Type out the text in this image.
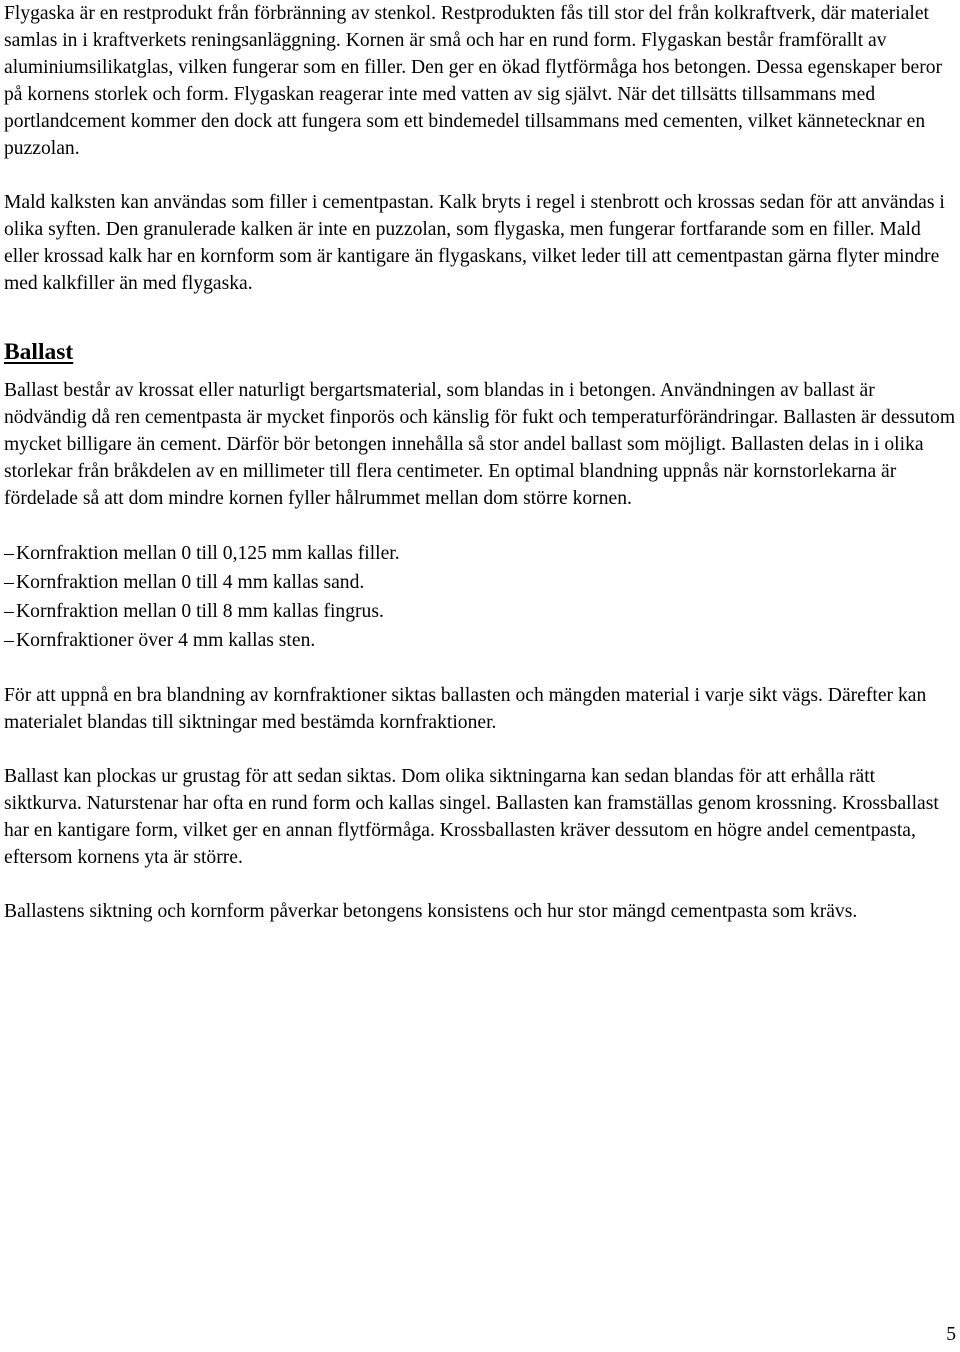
Flygaska är en restprodukt från förbränning av stenkol. Restprodukten fås till stor del från kolkraftverk, där materialet samlas in i kraftverkets reningsanläggning. Kornen är små och har en rund form. Flygaskan består framförallt av aluminiumsilikatglas, vilken fungerar som en filler. Den ger en ökad flytförmåga hos betongen. Dessa egenskaper beror på kornens storlek och form. Flygaskan reagerar inte med vatten av sig självt. När det tillsätts tillsammans med portlandcement kommer den dock att fungera som ett bindemedel tillsammans med cementen, vilket kännetecknar en puzzolan.

Mald kalksten kan användas som filler i cementpastan. Kalk bryts i regel i stenbrott och krossas sedan för att användas i olika syften. Den granulerade kalken är inte en puzzolan, som flygaska, men fungerar fortfarande som en filler. Mald eller krossad kalk har en kornform som är kantigare än flygaskans, vilket leder till att cementpastan gärna flyter mindre med kalkfiller än med flygaska.

Ballast

Ballast består av krossat eller naturligt bergartsmaterial, som blandas in i betongen. Användningen av ballast är nödvändig då ren cementpasta är mycket finporös och känslig för fukt och temperaturförändringar. Ballasten är dessutom mycket billigare än cement. Därför bör betongen innehålla så stor andel ballast som möjligt. Ballasten delas in i olika storlekar från bråkdelen av en millimeter till flera centimeter. En optimal blandning uppnås när kornstorlekarna är fördelade så att dom mindre kornen fyller hålrummet mellan dom större kornen.

– Kornfraktion mellan 0 till 0,125 mm kallas filler.
– Kornfraktion mellan 0 till 4 mm kallas sand.
– Kornfraktion mellan 0 till 8 mm kallas fingrus.
– Kornfraktioner över 4 mm kallas sten.

För att uppnå en bra blandning av kornfraktioner siktas ballasten och mängden material i varje sikt vägs. Därefter kan materialet blandas till siktningar med bestämda kornfraktioner.

Ballast kan plockas ur grustag för att sedan siktas. Dom olika siktningarna kan sedan blandas för att erhålla rätt siktkurva. Naturstenar har ofta en rund form och kallas singel. Ballasten kan framställas genom krossning. Krossballast har en kantigare form, vilket ger en annan flytförmåga. Krossballasten kräver dessutom en högre andel cementpasta, eftersom kornens yta är större.

Ballastens siktning och kornform påverkar betongens konsistens och hur stor mängd cementpasta som krävs.

5
